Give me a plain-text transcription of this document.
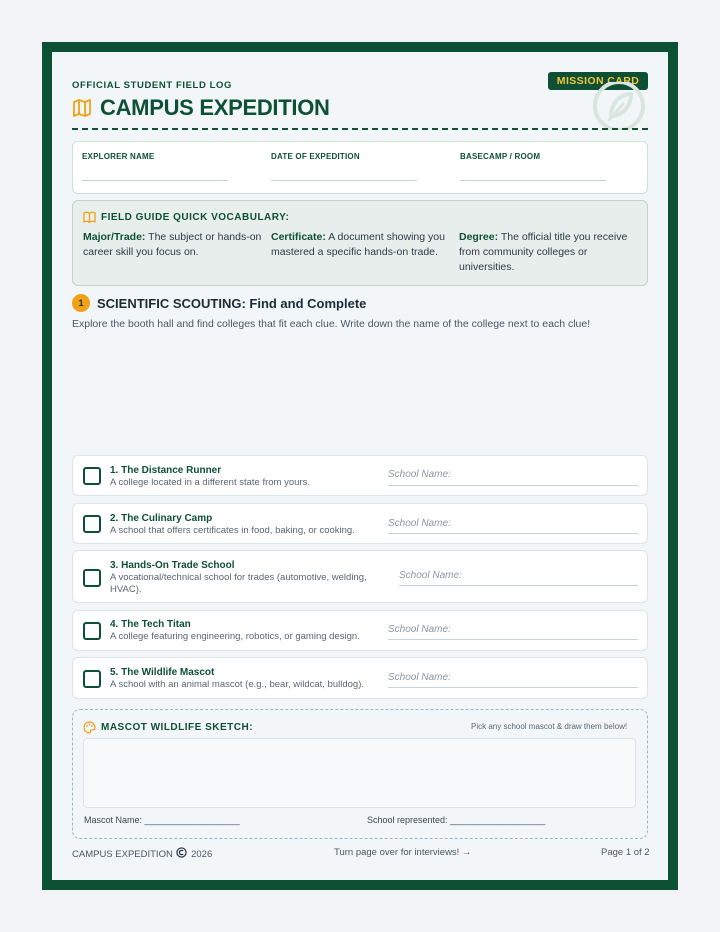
OFFICIAL STUDENT FIELD LOG	MISSION CARD
CAMPUS EXPEDITION
EXPLORER NAME	DATE OF EXPEDITION	BASECAMP / ROOM
FIELD GUIDE QUICK VOCABULARY:
Major/Trade: The subject or hands-on career skill you focus on.
Certificate: A document showing you mastered a specific hands-on trade.
Degree: The official title you receive from community colleges or universities.
1	SCIENTIFIC SCOUTING: Find and Complete
Explore the booth hall and find colleges that fit each clue. Write down the name of the college next to each clue!
1. The Distance Runner
A college located in a different state from yours.
School Name:
2. The Culinary Camp
A school that offers certificates in food, baking, or cooking.
School Name:
3. Hands-On Trade School
A vocational/technical school for trades (automotive, welding, HVAC).
School Name:
4. The Tech Titan
A college featuring engineering, robotics, or gaming design.
School Name:
5. The Wildlife Mascot
A school with an animal mascot (e.g., bear, wildcat, bulldog).
School Name:
MASCOT WILDLIFE SKETCH:	Pick any school mascot & draw them below!
Mascot Name: ___________________	School represented: ___________________
CAMPUS EXPEDITION 2026	Turn page over for interviews! →	Page 1 of 2
